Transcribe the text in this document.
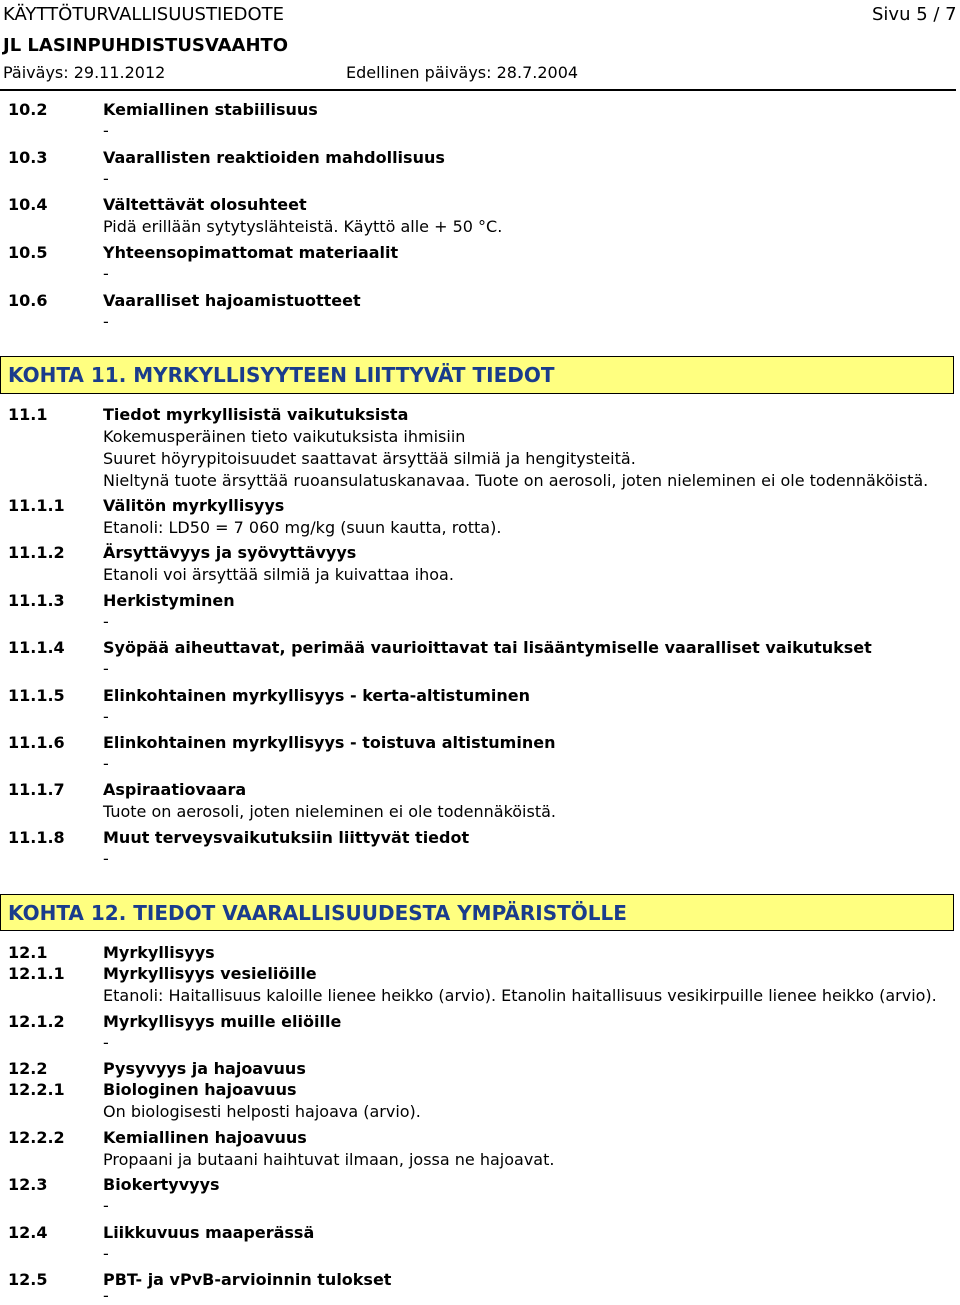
KÄYTTÖTURVALLISUUSTIEDOTE	Sivu 5 / 7
JL LASINPUHDISTUSVAAHTO
Päiväys: 29.11.2012	Edellinen päiväys: 28.7.2004
10.2	Kemiallinen stabiilisuus
-
10.3	Vaarallisten reaktioiden mahdollisuus
-
10.4	Vältettävät olosuhteet
Pidä erillään sytytyslähteistä. Käyttö alle + 50 °C.
10.5	Yhteensopimattomat materiaalit
-
10.6	Vaaralliset hajoamistuotteet
-
KOHTA 11. MYRKYLLISYYTEEN LIITTYVÄT TIEDOT
11.1	Tiedot myrkyllisistä vaikutuksista
Kokemusperäinen tieto vaikutuksista ihmisiin
Suuret höyrypitoisuudet saattavat ärsyttää silmiä ja hengitysteitä.
Nieltynä tuote ärsyttää ruoansulatuskanavaa. Tuote on aerosoli, joten nieleminen ei ole todennäköistä.
11.1.1 Välitön myrkyllisyys
Etanoli: LD50 = 7 060 mg/kg (suun kautta, rotta).
11.1.2 Ärsyttävyys ja syövyttävyys
Etanoli voi ärsyttää silmiä ja kuivattaa ihoa.
11.1.3 Herkistyminen
-
11.1.4 Syöpää aiheuttavat, perimää vaurioittavat tai lisääntymiselle vaaralliset vaikutukset
-
11.1.5 Elinkohtainen myrkyllisyys - kerta-altistuminen
-
11.1.6 Elinkohtainen myrkyllisyys - toistuva altistuminen
-
11.1.7 Aspiraatiovaara
Tuote on aerosoli, joten nieleminen ei ole todennäköistä.
11.1.8 Muut terveysvaikutuksiin liittyvät tiedot
-
KOHTA 12. TIEDOT VAARALLISUUDESTA YMPÄRISTÖLLE
12.1	Myrkyllisyys
12.1.1 Myrkyllisyys vesieliöille
Etanoli: Haitallisuus kaloille lienee heikko (arvio). Etanolin haitallisuus vesikirpuille lienee heikko (arvio).
12.1.2 Myrkyllisyys muille eliöille
-
12.2	Pysyvyys ja hajoavuus
12.2.1 Biologinen hajoavuus
On biologisesti helposti hajoava (arvio).
12.2.2 Kemiallinen hajoavuus
Propaani ja butaani haihtuvat ilmaan, jossa ne hajoavat.
12.3	Biokertyvyys
-
12.4	Liikkuvuus maaperässä
-
12.5	PBT- ja vPvB-arvioinnin tulokset
-
